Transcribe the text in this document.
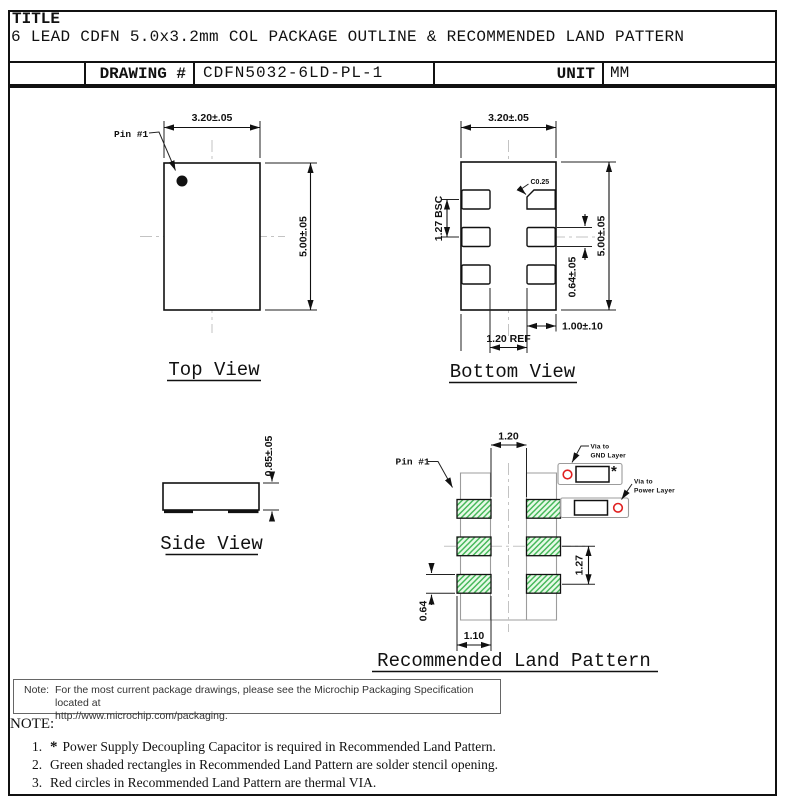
TITLE
6 LEAD CDFN 5.0x3.2mm COL PACKAGE OUTLINE & RECOMMENDED LAND PATTERN
DRAWING # CDFN5032-6LD-PL-1	UNIT MM
Pin #1
3.20±.05
5.00±.05
Top View
C0.25
1.27 BSC
0.64±.05
5.00±.05
3.20±.05
1.00±.10
1.20 REF
Bottom View
0.85±.05
Side View
Pin #1
1.20
1.27
0.64
1.10
*
Via to
GND Layer
Via to
Power Layer
Recommended Land Pattern
Note: For the most current package drawings, please see the Microchip Packaging Specification located at
http://www.microchip.com/packaging.
NOTE:
1. * Power Supply Decoupling Capacitor is required in Recommended Land Pattern.
2. Green shaded rectangles in Recommended Land Pattern are solder stencil opening.
3. Red circles in Recommended Land Pattern are thermal VIA.
